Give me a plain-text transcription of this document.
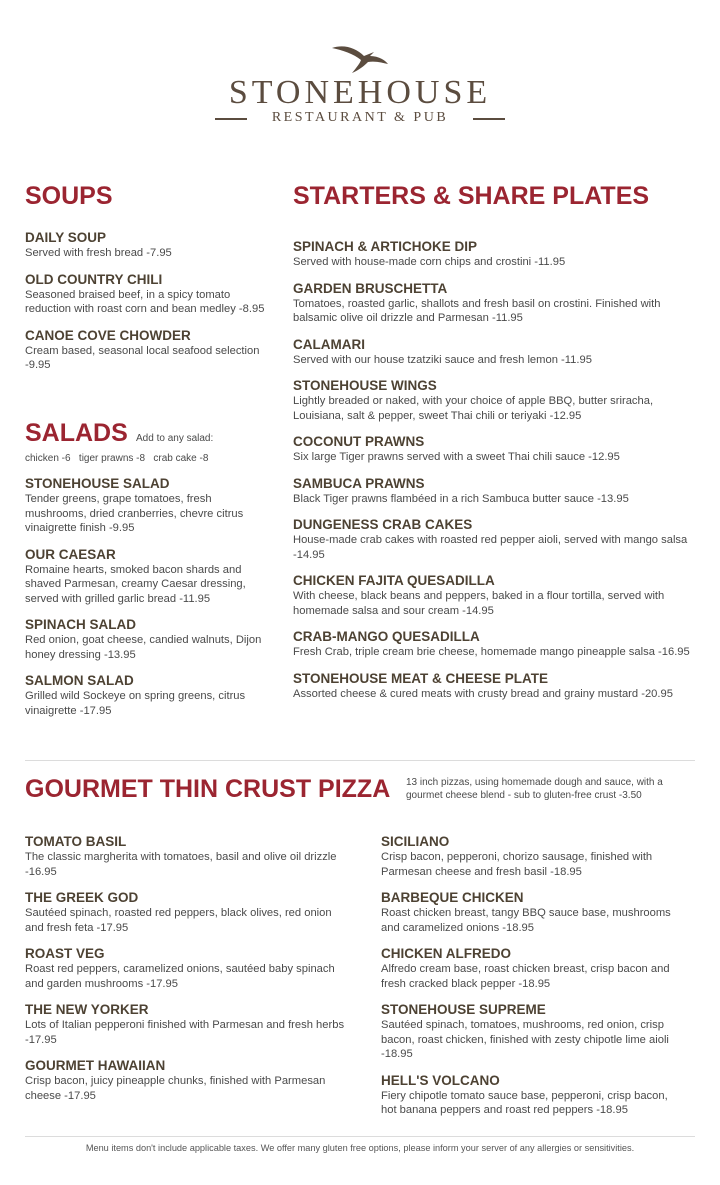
STONEHOUSE
RESTAURANT & PUB
SOUPS
DAILY SOUP
Served with fresh bread -7.95
OLD COUNTRY CHILI
Seasoned braised beef, in a spicy tomato reduction with roast corn and bean medley -8.95
CANOE COVE CHOWDER
Cream based, seasonal local seafood selection -9.95
SALADS Add to any salad:
chicken -6   tiger prawns -8   crab cake -8
STONEHOUSE SALAD
Tender greens, grape tomatoes, fresh mushrooms, dried cranberries, chevre citrus vinaigrette finish -9.95
OUR CAESAR
Romaine hearts, smoked bacon shards and shaved Parmesan, creamy Caesar dressing, served with grilled garlic bread -11.95
SPINACH SALAD
Red onion, goat cheese, candied walnuts, Dijon honey dressing -13.95
SALMON SALAD
Grilled wild Sockeye on spring greens, citrus vinaigrette -17.95
STARTERS & SHARE PLATES
SPINACH & ARTICHOKE DIP
Served with house-made corn chips and crostini -11.95
GARDEN BRUSCHETTA
Tomatoes, roasted garlic, shallots and fresh basil on crostini. Finished with balsamic olive oil drizzle and Parmesan -11.95
CALAMARI
Served with our house tzatziki sauce and fresh lemon -11.95
STONEHOUSE WINGS
Lightly breaded or naked, with your choice of apple BBQ, butter sriracha, Louisiana, salt & pepper, sweet Thai chili or teriyaki -12.95
COCONUT PRAWNS
Six large Tiger prawns served with a sweet Thai chili sauce -12.95
SAMBUCA PRAWNS
Black Tiger prawns flambéed in a rich Sambuca butter sauce -13.95
DUNGENESS CRAB CAKES
House-made crab cakes with roasted red pepper aioli, served with mango salsa -14.95
CHICKEN FAJITA QUESADILLA
With cheese, black beans and peppers, baked in a flour tortilla, served with homemade salsa and sour cream -14.95
CRAB-MANGO QUESADILLA
Fresh Crab, triple cream brie cheese, homemade mango pineapple salsa -16.95
STONEHOUSE MEAT & CHEESE PLATE
Assorted cheese & cured meats with crusty bread and grainy mustard -20.95
GOURMET THIN CRUST PIZZA 13 inch pizzas, using homemade dough and sauce, with a gourmet cheese blend - sub to gluten-free crust -3.50
TOMATO BASIL
The classic margherita with tomatoes, basil and olive oil drizzle -16.95
THE GREEK GOD
Sautéed spinach, roasted red peppers, black olives, red onion and fresh feta -17.95
ROAST VEG
Roast red peppers, caramelized onions, sautéed baby spinach and garden mushrooms -17.95
THE NEW YORKER
Lots of Italian pepperoni finished with Parmesan and fresh herbs -17.95
GOURMET HAWAIIAN
Crisp bacon, juicy pineapple chunks, finished with Parmesan cheese -17.95
SICILIANO
Crisp bacon, pepperoni, chorizo sausage, finished with Parmesan cheese and fresh basil -18.95
BARBEQUE CHICKEN
Roast chicken breast, tangy BBQ sauce base, mushrooms and caramelized onions -18.95
CHICKEN ALFREDO
Alfredo cream base, roast chicken breast, crisp bacon and fresh cracked black pepper -18.95
STONEHOUSE SUPREME
Sautéed spinach, tomatoes, mushrooms, red onion, crisp bacon, roast chicken, finished with zesty chipotle lime aioli -18.95
HELL'S VOLCANO
Fiery chipotle tomato sauce base, pepperoni, crisp bacon, hot banana peppers and roast red peppers -18.95
Menu items don't include applicable taxes. We offer many gluten free options, please inform your server of any allergies or sensitivities.
